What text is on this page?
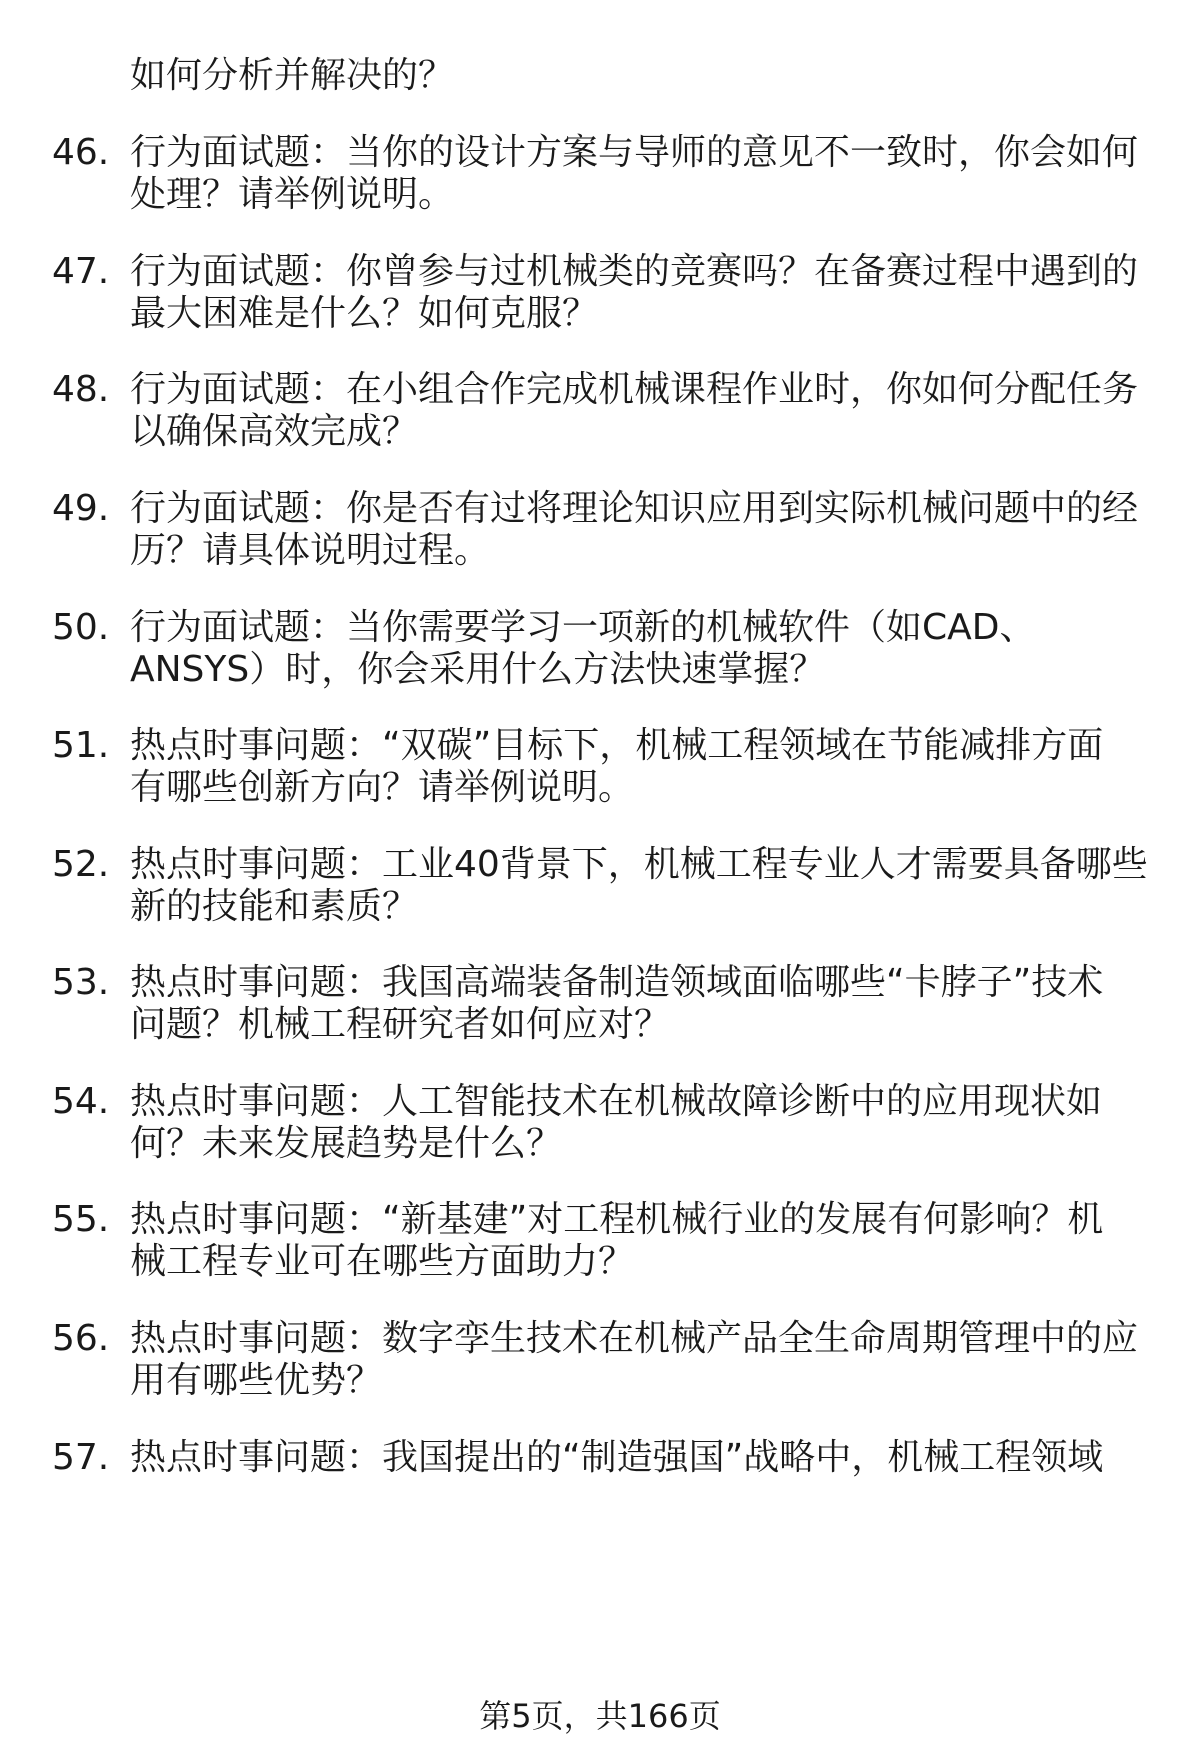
如何分析并解决的？
46. 行为面试题：当你的设计方案与导师的意见不一致时，你会如何
处理？请举例说明。
47. 行为面试题：你曾参与过机械类的竞赛吗？在备赛过程中遇到的
最大困难是什么？如何克服？
48. 行为面试题：在小组合作完成机械课程作业时，你如何分配任务
以确保高效完成？
49. 行为面试题：你是否有过将理论知识应用到实际机械问题中的经
历？请具体说明过程。
50. 行为面试题：当你需要学习一项新的机械软件（如CAD、
ANSYS）时，你会采用什么方法快速掌握？
51. 热点时事问题：“双碳”目标下，机械工程领域在节能减排方面
有哪些创新方向？请举例说明。
52. 热点时事问题：工业40背景下，机械工程专业人才需要具备哪些
新的技能和素质？
53. 热点时事问题：我国高端装备制造领域面临哪些“卡脖子”技术
问题？机械工程研究者如何应对？
54. 热点时事问题：人工智能技术在机械故障诊断中的应用现状如
何？未来发展趋势是什么？
55. 热点时事问题：“新基建”对工程机械行业的发展有何影响？机
械工程专业可在哪些方面助力？
56. 热点时事问题：数字孪生技术在机械产品全生命周期管理中的应
用有哪些优势？
57. 热点时事问题：我国提出的“制造强国”战略中，机械工程领域
第5页，共166页
